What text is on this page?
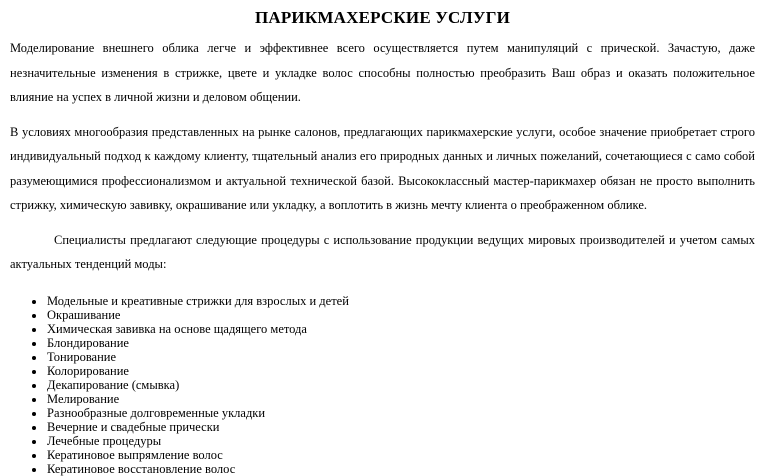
ПАРИКМАХЕРСКИЕ УСЛУГИ

Моделирование внешнего облика легче и эффективнее всего осуществляется путем манипуляций с прической. Зачастую, даже незначительные изменения в стрижке, цвете и укладке волос способны полностью преобразить Ваш образ и оказать положительное влияние на успех в личной жизни и деловом общении.

В условиях многообразия представленных на рынке салонов, предлагающих парикмахерские услуги, особое значение приобретает строго индивидуальный подход к каждому клиенту, тщательный анализ его природных данных и личных пожеланий, сочетающиеся с само собой разумеющимися профессионализмом и актуальной технической базой. Высококлассный мастер-парикмахер обязан не просто выполнить стрижку, химическую завивку, окрашивание или укладку, а воплотить в жизнь мечту клиента о преображенном облике.

Специалисты предлагают следующие процедуры с использование продукции ведущих мировых производителей и учетом самых актуальных тенденций моды:

Модельные и креативные стрижки для взрослых и детей
Окрашивание
Химическая завивка на основе щадящего метода
Блондирование
Тонирование
Колорирование
Декапирование (смывка)
Мелирование
Разнообразные долговременные укладки
Вечерние и свадебные прически
Лечебные процедуры
Кератиновое выпрямление волос
Кератиновое восстановление волос
